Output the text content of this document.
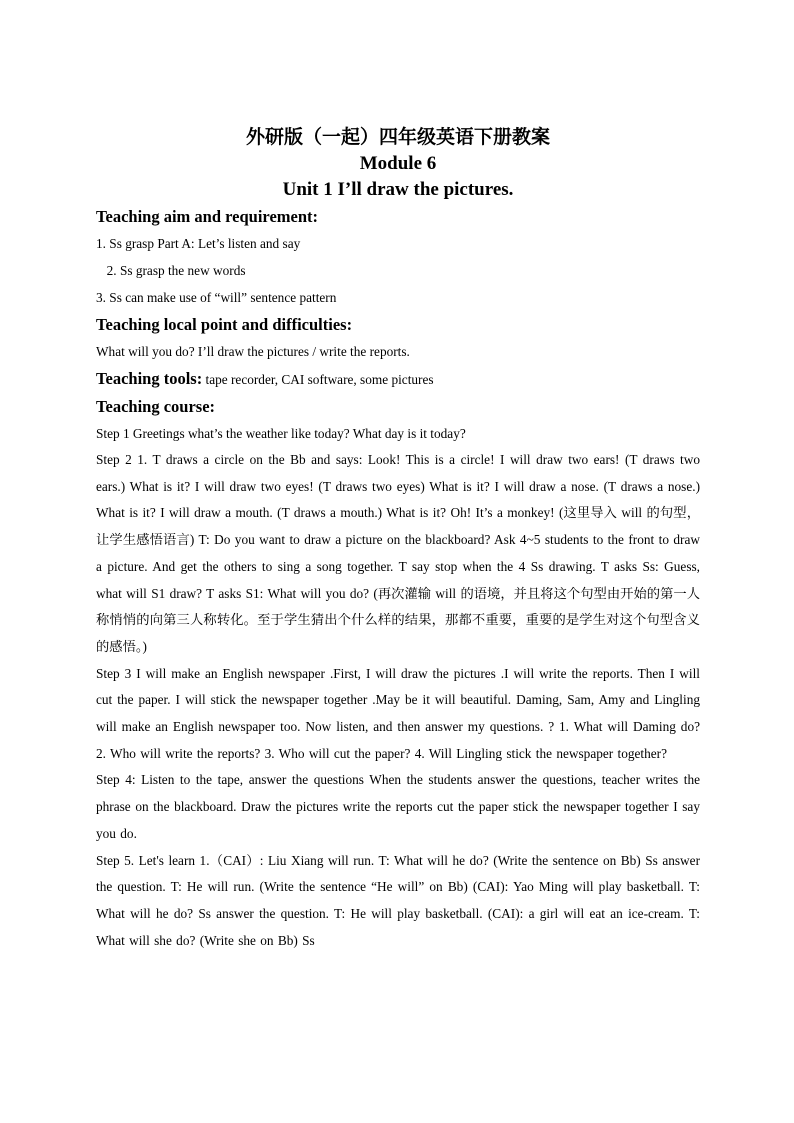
外研版（一起）四年级英语下册教案
Module 6
Unit 1 I’ll draw the pictures.

Teaching aim and requirement:

1. Ss grasp Part A: Let’s listen and say

2. Ss grasp the new words

3. Ss can make use of “will” sentence pattern

Teaching local point and difficulties:

What will you do? I’ll draw the pictures / write the reports.

Teaching tools: tape recorder, CAI software, some pictures

Teaching course:

Step 1 Greetings what’s the weather like today? What day is it today?

Step 2 1. T draws a circle on the Bb and says: Look! This is a circle! I will draw two ears! (T draws two ears.) What is it? I will draw two eyes! (T draws two eyes) What is it? I will draw a nose. (T draws a nose.) What is it? I will draw a mouth. (T draws a mouth.) What is it? Oh! It’s a monkey! (这里导入 will 的句型，让学生感悟语言) T: Do you want to draw a picture on the blackboard? Ask 4~5 students to the front to draw a picture. And get the others to sing a song together. T say stop when the 4 Ss drawing. T asks Ss: Guess, what will S1 draw? T asks S1: What will you do? (再次灌输 will 的语境，并且将这个句型由开始的第一人称悄悄的向第三人称转化。至于学生猜出个什么样的结果，那都不重要，重要的是学生对这个句型含义的感悟。)

Step 3 I will make an English newspaper .First, I will draw the pictures .I will write the reports. Then I will cut the paper. I will stick the newspaper together .May be it will beautiful. Daming, Sam, Amy and Lingling will make an English newspaper too. Now listen, and then answer my questions. ? 1. What will Daming do? 2. Who will write the reports? 3. Who will cut the paper? 4. Will Lingling stick the newspaper together?

Step 4: Listen to the tape, answer the questions When the students answer the questions, teacher writes the phrase on the blackboard. Draw the pictures write the reports cut the paper stick the newspaper together I say you do.

Step 5. Let's learn 1.（CAI）: Liu Xiang will run. T: What will he do? (Write the sentence on Bb) Ss answer the question. T: He will run. (Write the sentence “He will” on Bb) (CAI): Yao Ming will play basketball. T: What will he do? Ss answer the question. T: He will play basketball. (CAI): a girl will eat an ice-cream. T: What will she do? (Write she on Bb) Ss
